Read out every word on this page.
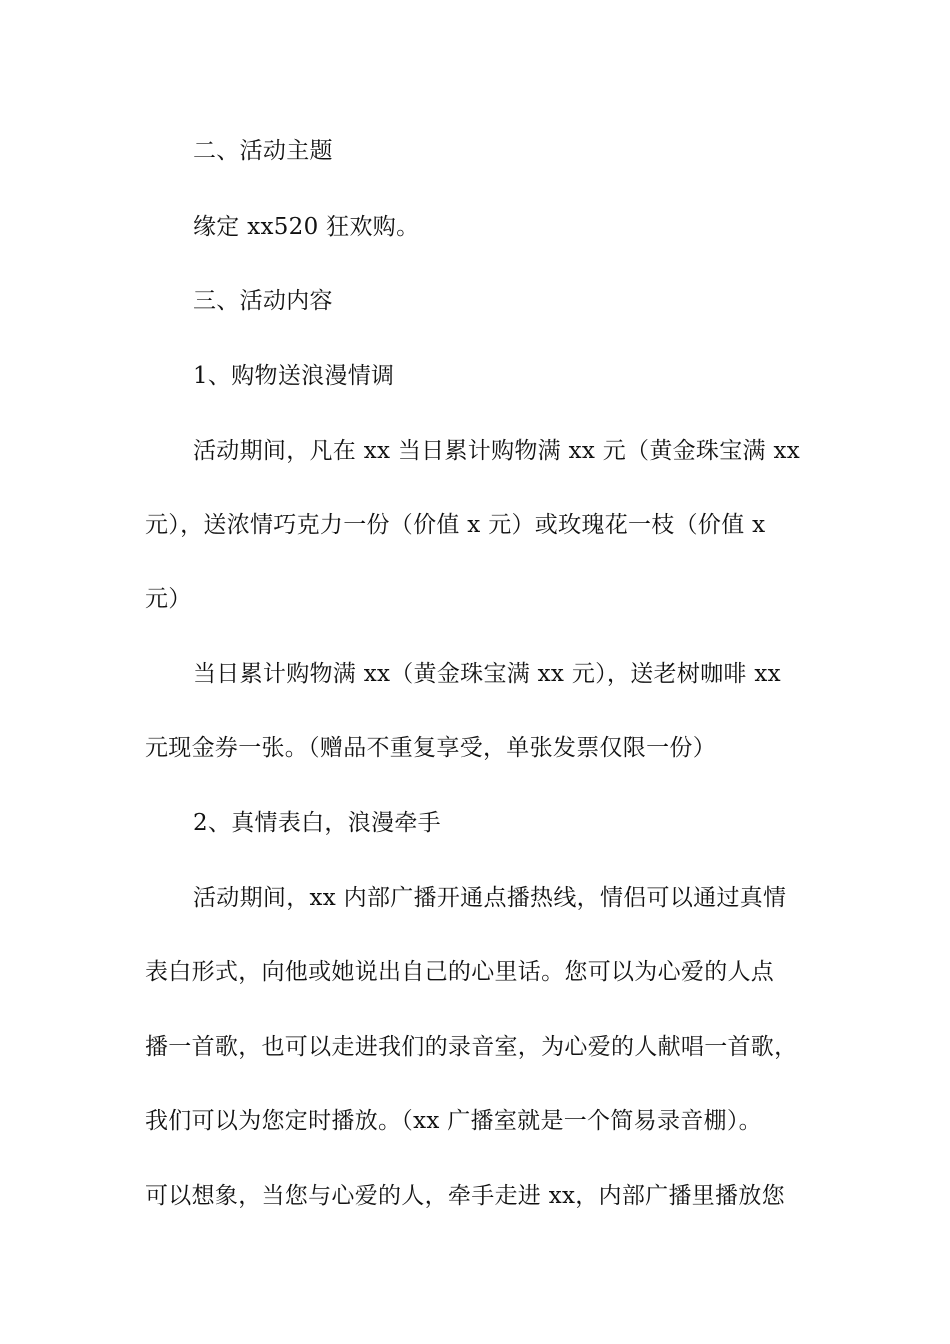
二、活动主题
缘定 xx520 狂欢购。
三、活动内容
1、购物送浪漫情调
活动期间，凡在 xx 当日累计购物满 xx 元（黄金珠宝满 xx
元），送浓情巧克力一份（价值 x 元）或玫瑰花一枝（价值 x
元）
当日累计购物满 xx（黄金珠宝满 xx 元），送老树咖啡 xx
元现金券一张。（赠品不重复享受，单张发票仅限一份）
2、真情表白，浪漫牵手
活动期间，xx 内部广播开通点播热线，情侣可以通过真情
表白形式，向他或她说出自己的心里话。您可以为心爱的人点
播一首歌，也可以走进我们的录音室，为心爱的人献唱一首歌，
我们可以为您定时播放。（xx 广播室就是一个简易录音棚）。
可以想象，当您与心爱的人，牵手走进 xx，内部广播里播放您
